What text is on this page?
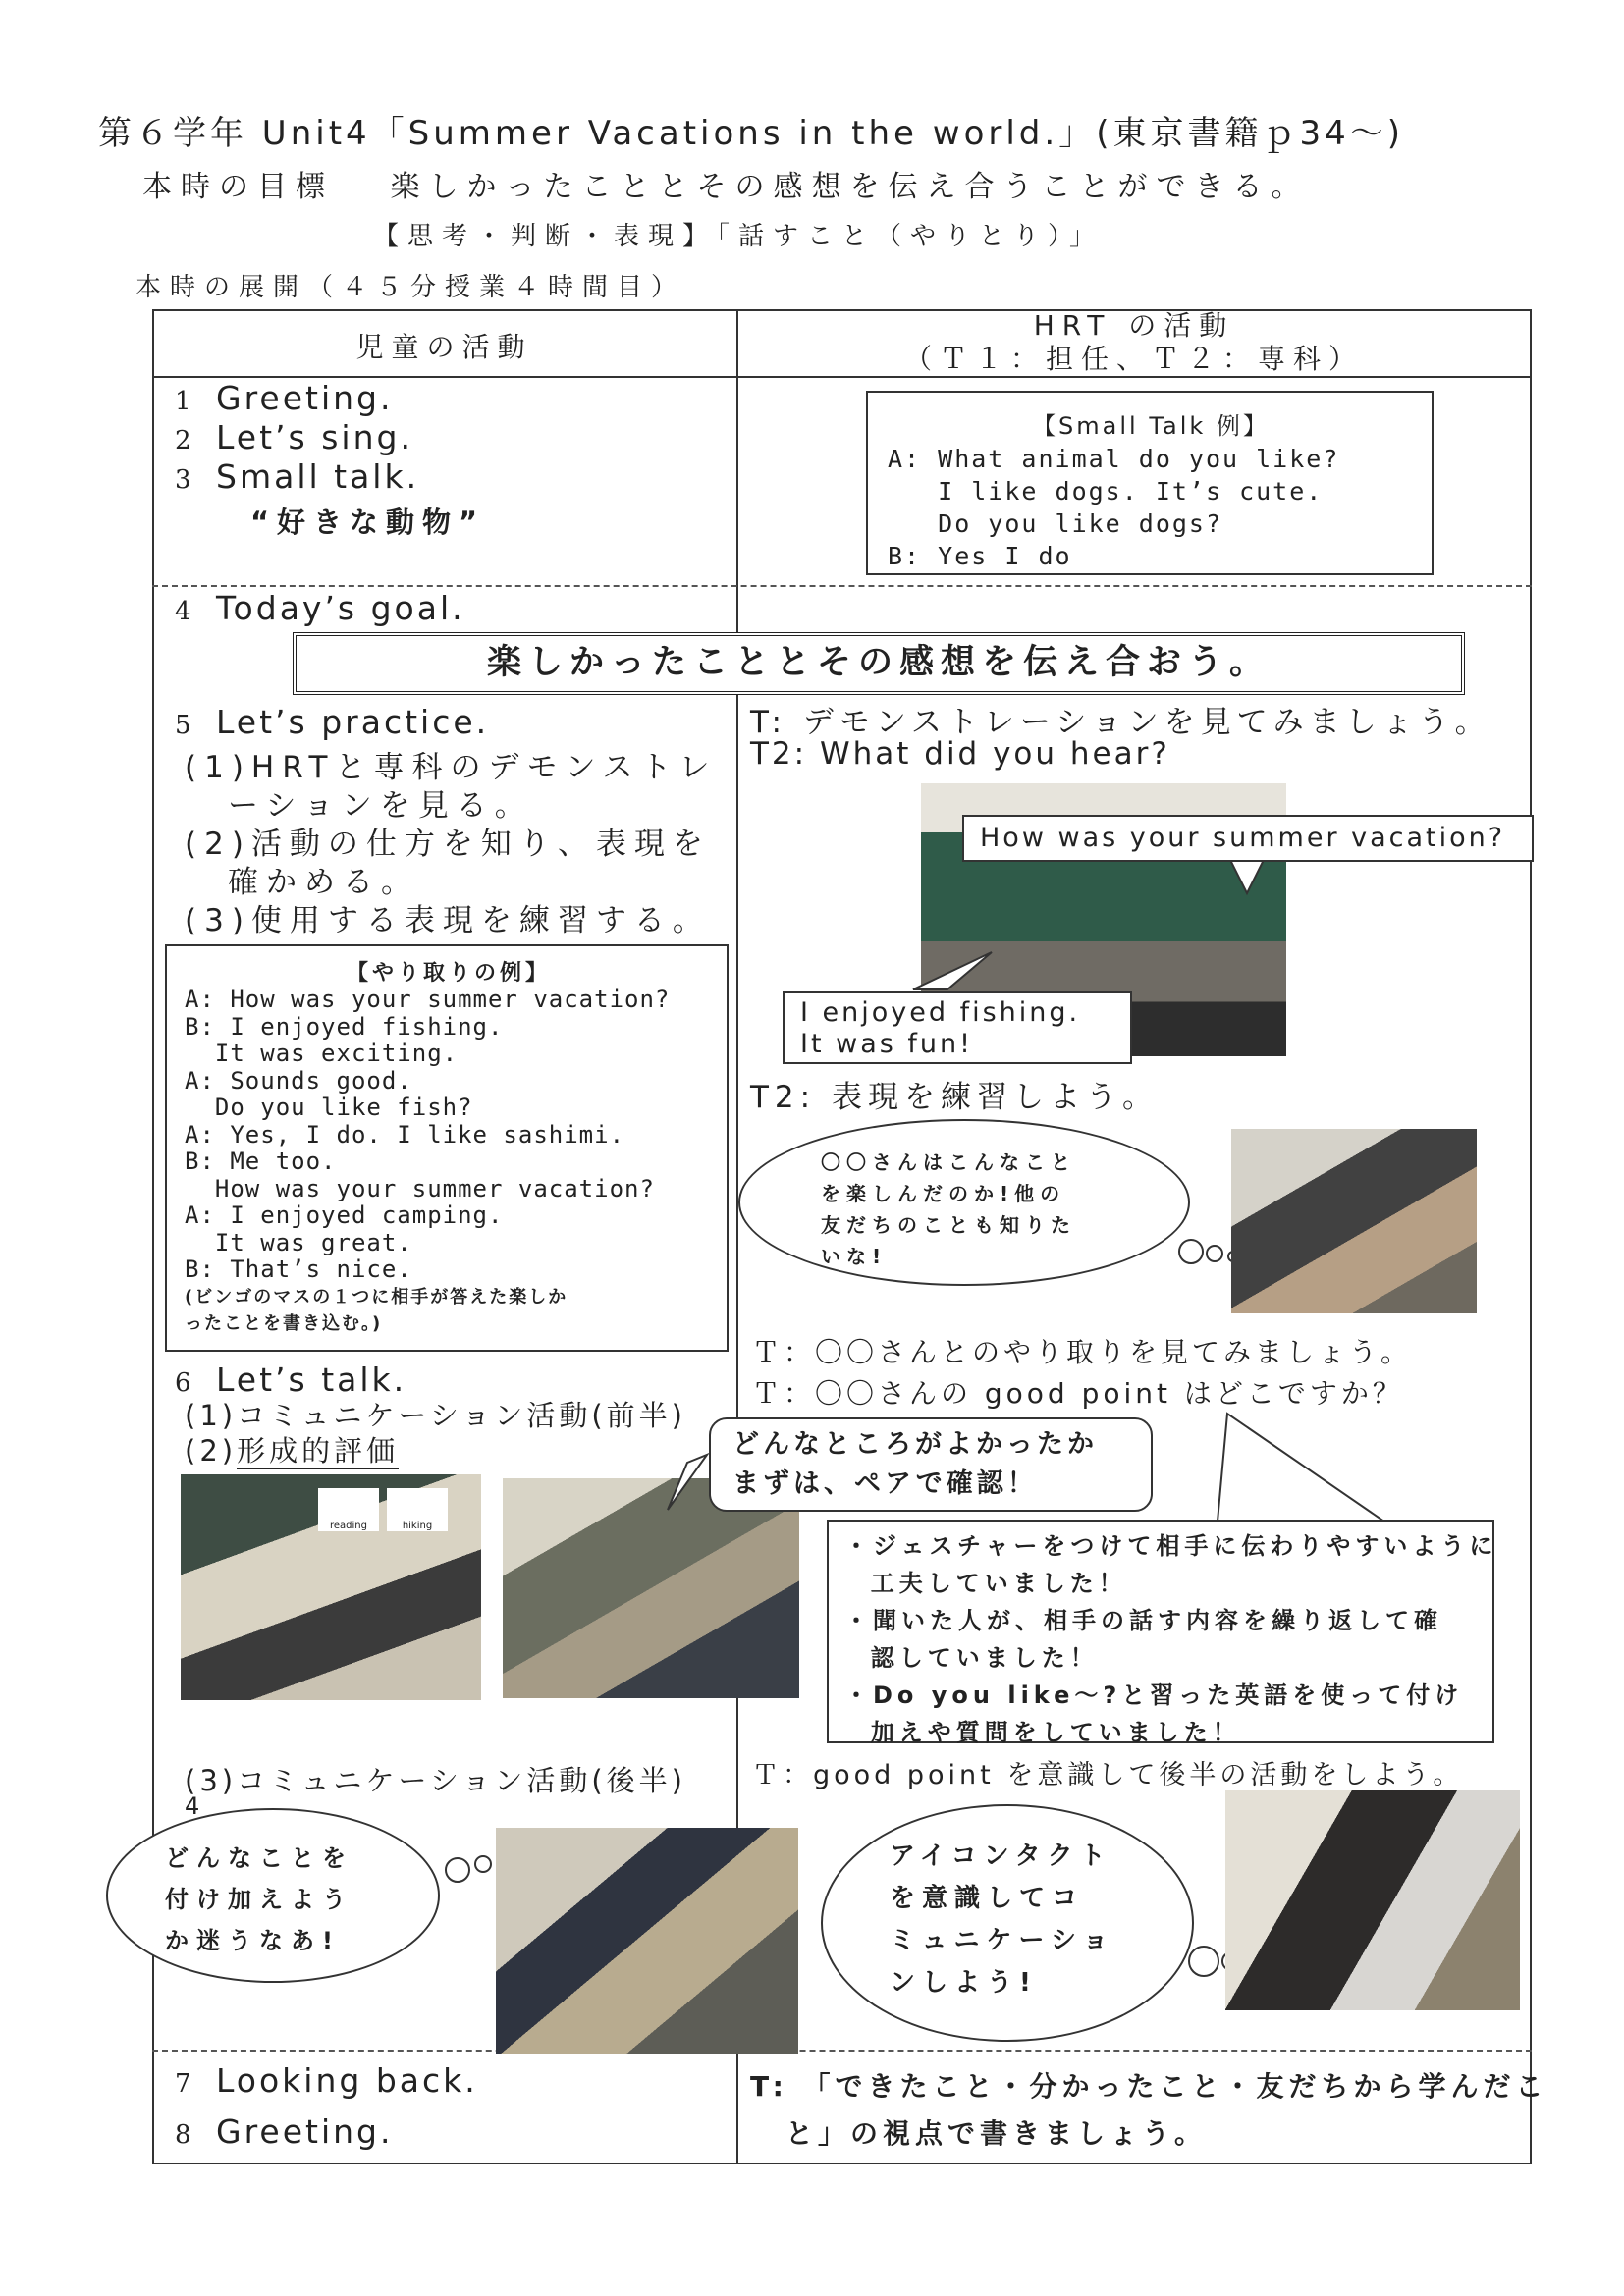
第６学年 Unit4「Summer Vacations in the world.」(東京書籍ｐ34～)
本時の目標　 楽しかったこととその感想を伝え合うことができる。
【思考・判断・表現】「話すこと（やりとり）」
本時の展開（４５分授業４時間目）
児童の活動
HRT の活動
（Ｔ１：担任、Ｔ２：専科）
1 Greeting.
2 Let’s sing.
3 Small talk.
“好きな動物”
【Small Talk 例】
A: What animal do you like?
I like dogs. It’s cute.
Do you like dogs?
B: Yes I do
4 Today’s goal.
楽しかったこととその感想を伝え合おう。
5 Let’s practice.
(1)HRTと専科のデモンストレ
ーションを見る。
(2)活動の仕方を知り、表現を
確かめる。
(3)使用する表現を練習する。
【やり取りの例】
A: How was your summer vacation?
B: I enjoyed fishing.
It was exciting.
A: Sounds good.
Do you like fish?
A: Yes, I do. I like sashimi.
B: Me too.
How was your summer vacation?
A: I enjoyed camping.
It was great.
B: That’s nice.
(ビンゴのマスの１つに相手が答えた楽しか
ったことを書き込む。)
6 Let’s talk.
(1)コミュニケーション活動(前半)
(2)形成的評価
reading	hiking
(3)コミュニケーション活動(後半)
4
どんなことを
付け加えよう
か迷うなあ!
7 Looking back.
8 Greeting.
T: デモンストレーションを見てみましょう。
T2: What did you hear?
How was your summer vacation?
I enjoyed fishing.
It was fun!
T2: 表現を練習しよう。
〇〇さんはこんなこと
を楽しんだのか!他の
友だちのことも知りた
いな!
Ｔ：〇〇さんとのやり取りを見てみましょう。
Ｔ：〇〇さんの good point はどこですか？
どんなところがよかったか
まずは、ペアで確認！
・ジェスチャーをつけて相手に伝わりやすいように
工夫していました！
・聞いた人が、相手の話す内容を繰り返して確
認していました！
・Do you like～?と習った英語を使って付け
加えや質問をしていました！
Ｔ：good point を意識して後半の活動をしよう。
アイコンタクト
を意識してコ
ミュニケーショ
ンしよう!
T: 「できたこと・分かったこと・友だちから学んだこ
と」の視点で書きましょう。
